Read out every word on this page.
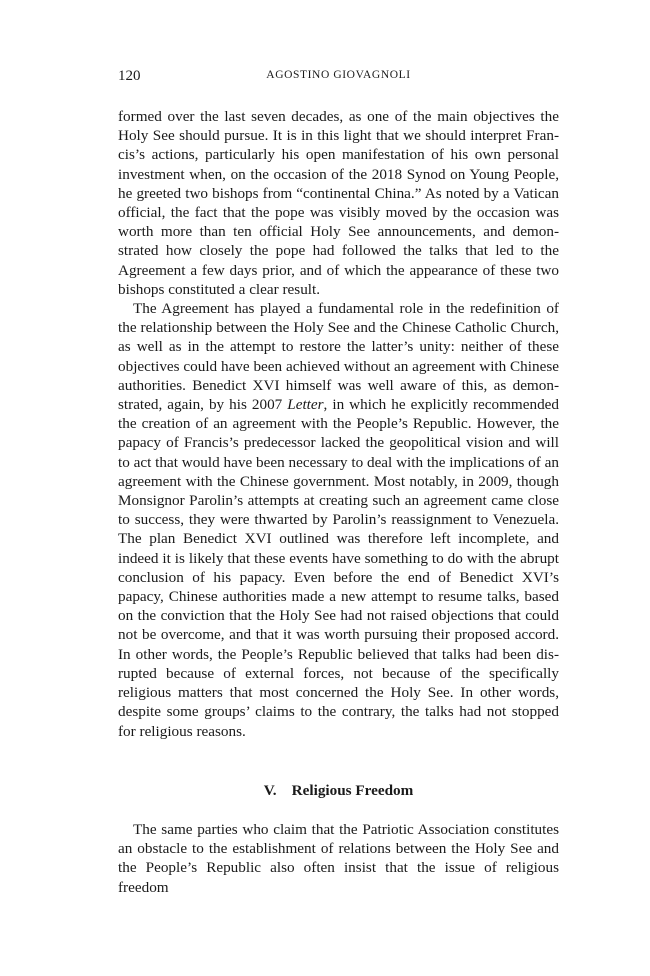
120	AGOSTINO GIOVAGNOLI

formed over the last seven decades, as one of the main objectives the Holy See should pursue. It is in this light that we should interpret Francis’s actions, particularly his open manifestation of his own personal investment when, on the occasion of the 2018 Synod on Young People, he greeted two bishops from “continental China.” As noted by a Vatican official, the fact that the pope was visibly moved by the occasion was worth more than ten official Holy See announcements, and demonstrated how closely the pope had followed the talks that led to the Agreement a few days prior, and of which the appearance of these two bishops constituted a clear result.

The Agreement has played a fundamental role in the redefinition of the relationship between the Holy See and the Chinese Catholic Church, as well as in the attempt to restore the latter’s unity: neither of these objectives could have been achieved without an agreement with Chinese authorities. Benedict XVI himself was well aware of this, as demonstrated, again, by his 2007 Letter, in which he explicitly recommended the creation of an agreement with the People’s Republic. However, the papacy of Francis’s predecessor lacked the geopolitical vision and will to act that would have been necessary to deal with the implications of an agreement with the Chinese government. Most notably, in 2009, though Monsignor Parolin’s attempts at creating such an agreement came close to success, they were thwarted by Parolin’s reassignment to Venezuela. The plan Benedict XVI outlined was therefore left incomplete, and indeed it is likely that these events have something to do with the abrupt conclusion of his papacy. Even before the end of Benedict XVI’s papacy, Chinese authorities made a new attempt to resume talks, based on the conviction that the Holy See had not raised objections that could not be overcome, and that it was worth pursuing their proposed accord. In other words, the People’s Republic believed that talks had been disrupted because of external forces, not because of the specifically religious matters that most concerned the Holy See. In other words, despite some groups’ claims to the contrary, the talks had not stopped for religious reasons.

V. Religious Freedom

The same parties who claim that the Patriotic Association constitutes an obstacle to the establishment of relations between the Holy See and the People’s Republic also often insist that the issue of religious freedom
